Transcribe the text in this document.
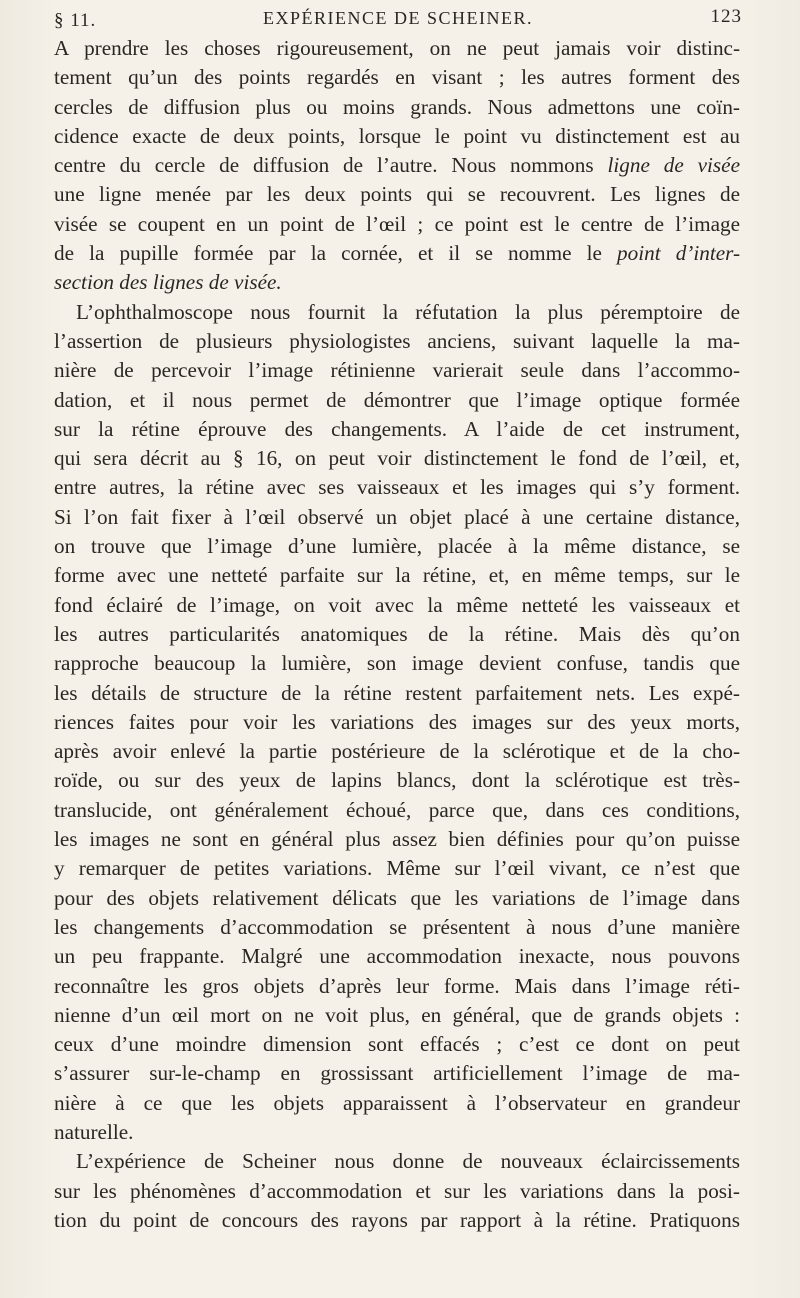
§ 11.	EXPÉRIENCE DE SCHEINER.	123

A prendre les choses rigoureusement, on ne peut jamais voir distinc-
tement qu’un des points regardés en visant ; les autres forment des
cercles de diffusion plus ou moins grands. Nous admettons une coïn-
cidence exacte de deux points, lorsque le point vu distinctement est au
centre du cercle de diffusion de l’autre. Nous nommons ligne de visée
une ligne menée par les deux points qui se recouvrent. Les lignes de
visée se coupent en un point de l’œil ; ce point est le centre de l’image
de la pupille formée par la cornée, et il se nomme le point d’inter-
section des lignes de visée.

L’ophthalmoscope nous fournit la réfutation la plus péremptoire de
l’assertion de plusieurs physiologistes anciens, suivant laquelle la ma-
nière de percevoir l’image rétinienne varierait seule dans l’accommo-
dation, et il nous permet de démontrer que l’image optique formée
sur la rétine éprouve des changements. A l’aide de cet instrument,
qui sera décrit au § 16, on peut voir distinctement le fond de l’œil, et,
entre autres, la rétine avec ses vaisseaux et les images qui s’y forment.
Si l’on fait fixer à l’œil observé un objet placé à une certaine distance,
on trouve que l’image d’une lumière, placée à la même distance, se
forme avec une netteté parfaite sur la rétine, et, en même temps, sur le
fond éclairé de l’image, on voit avec la même netteté les vaisseaux et
les autres particularités anatomiques de la rétine. Mais dès qu’on
rapproche beaucoup la lumière, son image devient confuse, tandis que
les détails de structure de la rétine restent parfaitement nets. Les expé-
riences faites pour voir les variations des images sur des yeux morts,
après avoir enlevé la partie postérieure de la sclérotique et de la cho-
roïde, ou sur des yeux de lapins blancs, dont la sclérotique est très-
translucide, ont généralement échoué, parce que, dans ces conditions,
les images ne sont en général plus assez bien définies pour qu’on puisse
y remarquer de petites variations. Même sur l’œil vivant, ce n’est que
pour des objets relativement délicats que les variations de l’image dans
les changements d’accommodation se présentent à nous d’une manière
un peu frappante. Malgré une accommodation inexacte, nous pouvons
reconnaître les gros objets d’après leur forme. Mais dans l’image réti-
nienne d’un œil mort on ne voit plus, en général, que de grands objets :
ceux d’une moindre dimension sont effacés ; c’est ce dont on peut
s’assurer sur-le-champ en grossissant artificiellement l’image de ma-
nière à ce que les objets apparaissent à l’observateur en grandeur
naturelle.

L’expérience de Scheiner nous donne de nouveaux éclaircissements
sur les phénomènes d’accommodation et sur les variations dans la posi-
tion du point de concours des rayons par rapport à la rétine. Pratiquons
